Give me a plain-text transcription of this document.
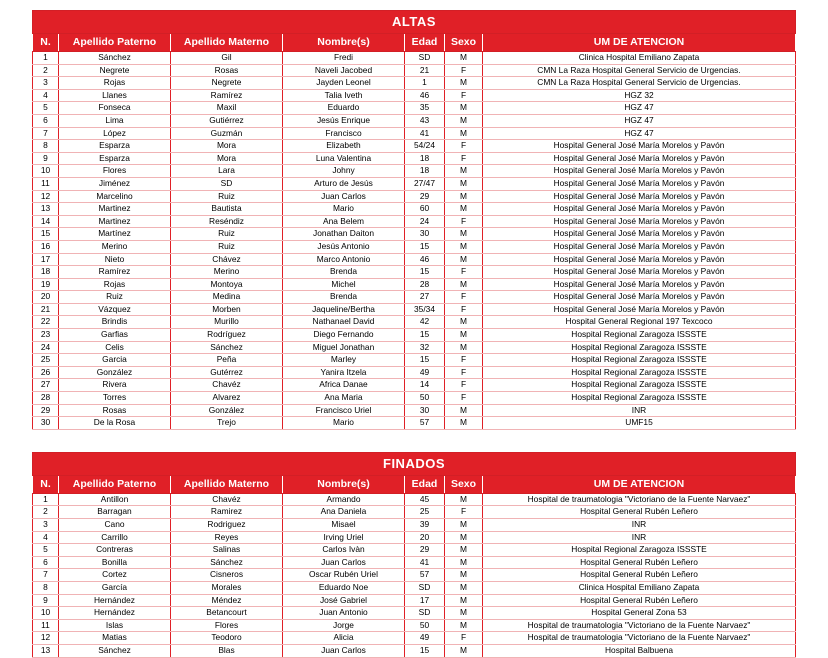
ALTAS						
N.	Apellido Paterno	Apellido Materno	Nombre(s)	Edad	Sexo	UM DE ATENCION
1	Sánchez	Gil	Fredi	SD	M	Clinica Hospital Emiliano Zapata
2	Negrete	Rosas	Naveli Jacobed	21	F	CMN La Raza Hospital General Servicio de Urgencias.
3	Rojas	Negrete	Jayden Leonel	1	M	CMN La Raza Hospital General Servicio de Urgencias.
4	Llanes	Ramírez	Talia Iveth	46	F	HGZ 32
5	Fonseca	Maxil	Eduardo	35	M	HGZ 47
6	Lima	Gutiérrez	Jesús Enrique	43	M	HGZ 47
7	López	Guzmán	Francisco	41	M	HGZ 47
8	Esparza	Mora	Elizabeth	54/24	F	Hospital General José María Morelos y Pavón
9	Esparza	Mora	Luna Valentina	18	F	Hospital General José María Morelos y Pavón
10	Flores	Lara	Johny	18	M	Hospital General José María Morelos y Pavón
11	Jiménez	SD	Arturo de Jesús	27/47	M	Hospital General José María Morelos y Pavón
12	Marcelino	Ruiz	Juan Carlos	29	M	Hospital General José María Morelos y Pavón
13	Martinez	Bautista	Mario	60	M	Hospital General José María Morelos y Pavón
14	Martinez	Reséndiz	Ana Belem	24	F	Hospital General José María Morelos y Pavón
15	Martínez	Ruiz	Jonathan Daiton	30	M	Hospital General José María Morelos y Pavón
16	Merino	Ruiz	Jesús Antonio	15	M	Hospital General José María Morelos y Pavón
17	Nieto	Chávez	Marco Antonio	46	M	Hospital General José María Morelos y Pavón
18	Ramírez	Merino	Brenda	15	F	Hospital General José María Morelos y Pavón
19	Rojas	Montoya	Michel	28	M	Hospital General José María Morelos y Pavón
20	Ruiz	Medina	Brenda	27	F	Hospital General José María Morelos y Pavón
21	Vázquez	Morben	Jaqueline/Bertha	35/34	F	Hospital General José María Morelos y Pavón
22	Brindis	Murillo	Nathanael David	42	M	Hospital General Regional 197 Texcoco
23	Garfias	Rodríguez	Diego Fernando	15	M	Hospital Regional Zaragoza ISSSTE
24	Celis	Sánchez	Miguel Jonathan	32	M	Hospital Regional Zaragoza ISSSTE
25	Garcia	Peña	Marley	15	F	Hospital Regional Zaragoza ISSSTE
26	González	Gutérrez	Yanira Itzela	49	F	Hospital Regional Zaragoza ISSSTE
27	Rivera	Chavéz	Africa Danae	14	F	Hospital Regional Zaragoza ISSSTE
28	Torres	Alvarez	Ana Maria	50	F	Hospital Regional Zaragoza ISSSTE
29	Rosas	González	Francisco Uriel	30	M	INR
30	De la Rosa	Trejo	Mario	57	M	UMF15
FINADOS						
N.	Apellido Paterno	Apellido Materno	Nombre(s)	Edad	Sexo	UM DE ATENCION
1	Antillon	Chavéz	Armando	45	M	Hospital de traumatologia "Victoriano de la Fuente Narvaez"
2	Barragan	Ramirez	Ana Daniela	25	F	Hospital General Rubén Leñero
3	Cano	Rodriguez	Misael	39	M	INR
4	Carrillo	Reyes	Irving Uriel	20	M	INR
5	Contreras	Salinas	Carlos Ivàn	29	M	Hospital Regional Zaragoza ISSSTE
6	Bonilla	Sánchez	Juan Carlos	41	M	Hospital General Rubén Leñero
7	Cortez	Cisneros	Oscar Rubén Uriel	57	M	Hospital General Rubén Leñero
8	García	Morales	Eduardo Noe	SD	M	Clinica Hospital Emiliano Zapata
9	Hernández	Méndez	José Gabriel	17	M	Hospital General Rubén Leñero
10	Hernández	Betancourt	Juan Antonio	SD	M	Hospital General Zona 53
11	Islas	Flores	Jorge	50	M	Hospital de traumatologia "Victoriano de la Fuente Narvaez"
12	Matias	Teodoro	Alicia	49	F	Hospital de traumatologia "Victoriano de la Fuente Narvaez"
13	Sánchez	Blas	Juan Carlos	15	M	Hospital Balbuena
